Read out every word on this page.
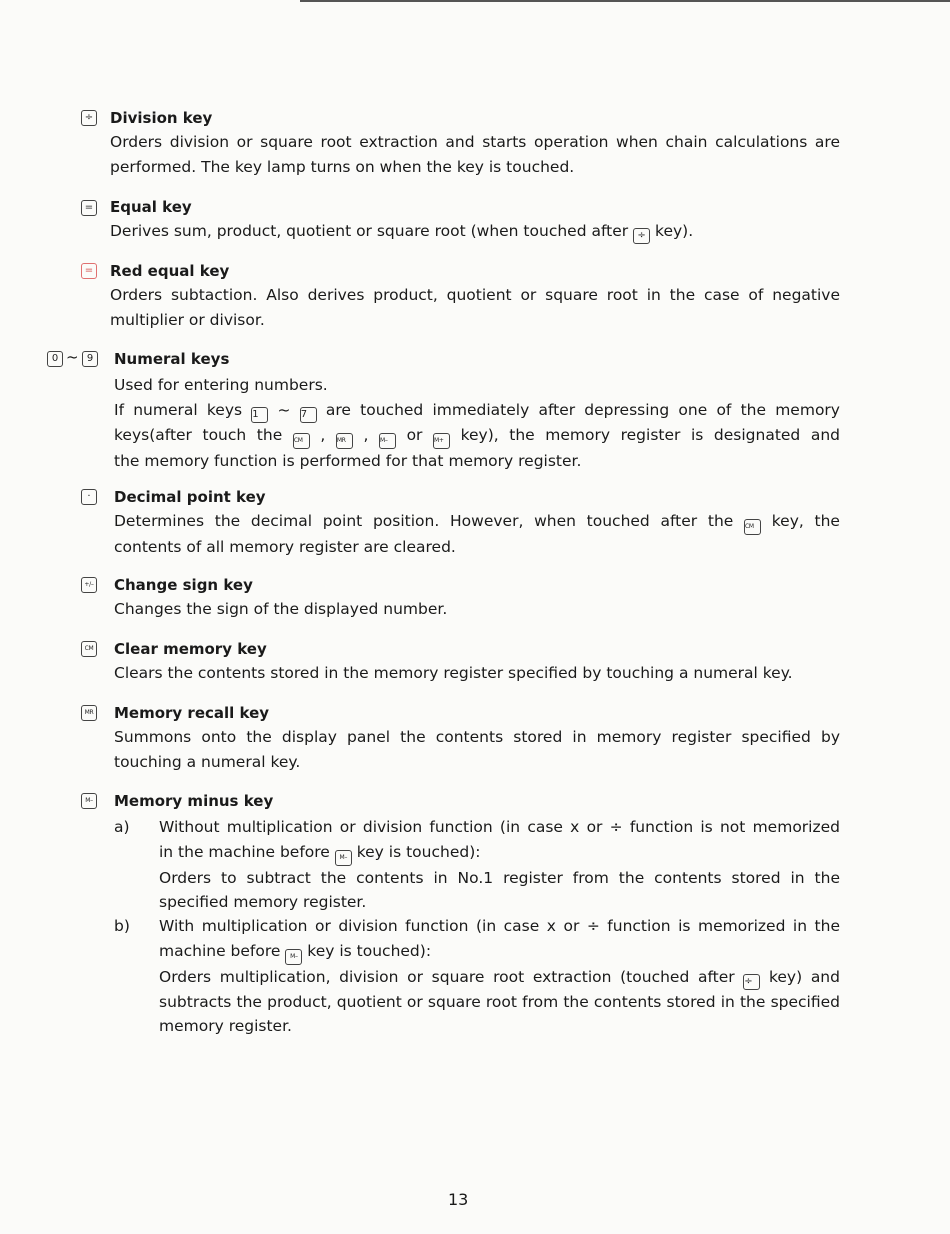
÷ Division key

Orders division or square root extraction and starts operation when chain calculations are

performed. The key lamp turns on when the key is touched.

= Equal key

Derives sum, product, quotient or square root (when touched after ÷ key).

= Red equal key

Orders subtaction. Also derives product, quotient or square root in the case of negative

multiplier or divisor.

0 ~ 9	Numeral keys

Used for entering numbers.

If numeral keys 1 ~ 7 are touched immediately after depressing one of the memory

keys(after touch the CM , MR , M– or M+ key), the memory register is designated and

the memory function is performed for that memory register.

·	Decimal point key

Determines the decimal point position. However, when touched after the CM key, the

contents of all memory register are cleared.

+/– Change sign key

Changes the sign of the displayed number.

CM Clear memory key

Clears the contents stored in the memory register specified by touching a numeral key.

MR Memory recall key

Summons onto the display panel the contents stored in memory register specified by

touching a numeral key.

M– Memory minus key

a) Without multiplication or division function (in case x or ÷ function is not memorized

in the machine before M– key is touched):

Orders to subtract the contents in No.1 register from the contents stored in the

specified memory register.

b) With multiplication or division function (in case x or ÷ function is memorized in the

machine before M– key is touched):

Orders multiplication, division or square root extraction (touched after ÷ key) and

subtracts the product, quotient or square root from the contents stored in the specified

memory register.

13
